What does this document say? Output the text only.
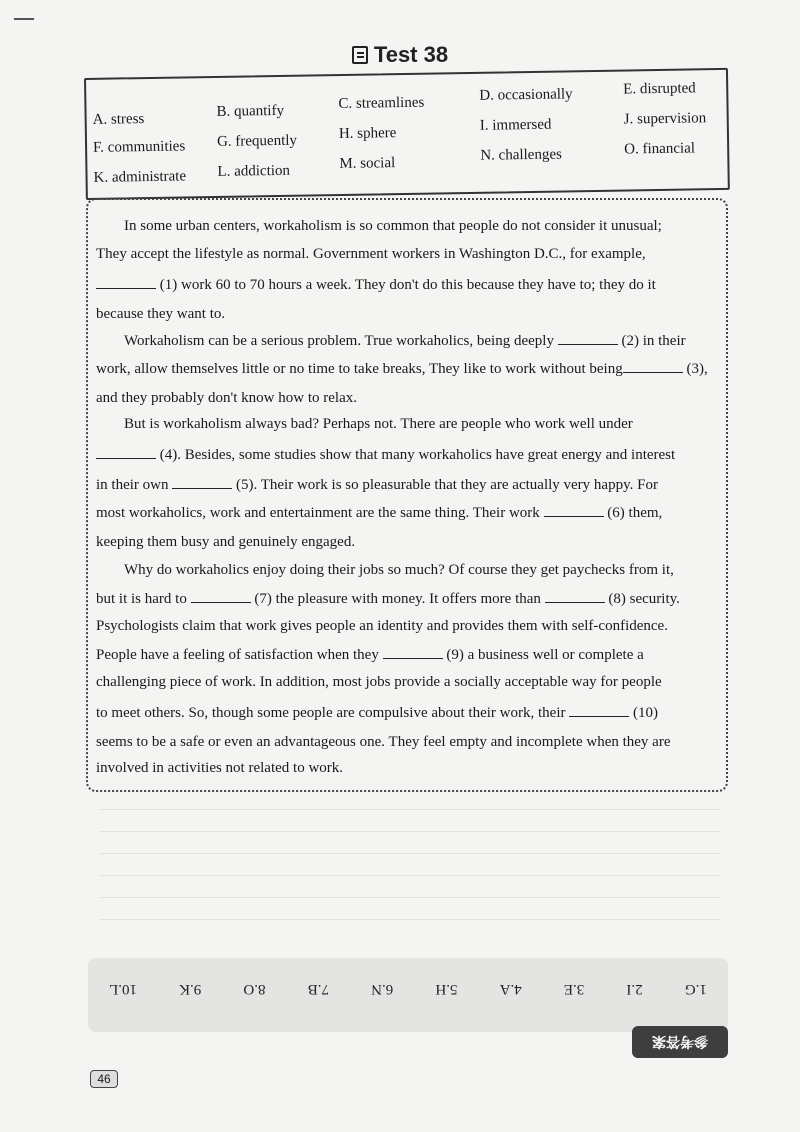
Test 38
A. stress	B. quantify	C. streamlines	D. occasionally	E. disrupted
F. communities G. frequently	H. sphere	I. immersed	J. supervision
K. administrate L. addiction	M. social	N. challenges	O. financial
In some urban centers, workaholism is so common that people do not consider it unusual;
They accept the lifestyle as normal. Government workers in Washington D.C., for example,
(1) work 60 to 70 hours a week. They don't do this because they have to; they do it
because they want to.
Workaholism can be a serious problem. True workaholics, being deeply	(2) in their
work, allow themselves little or no time to take breaks, They like to work without being	(3),
and they probably don't know how to relax.
But is workaholism always bad? Perhaps not. There are people who work well under
(4). Besides, some studies show that many workaholics have great energy and interest
in their own	(5). Their work is so pleasurable that they are actually very happy. For
most workaholics, work and entertainment are the same thing. Their work	(6) them,
keeping them busy and genuinely engaged.
Why do workaholics enjoy doing their jobs so much? Of course they get paychecks from it,
but it is hard to	(7) the pleasure with money. It offers more than	(8) security.
Psychologists claim that work gives people an identity and provides them with self-confidence.
People have a feeling of satisfaction when they	(9) a business well or complete a
challenging piece of work. In addition, most jobs provide a socially acceptable way for people
to meet others. So, though some people are compulsive about their work, their	(10)
seems to be a safe or even an advantageous one. They feel empty and incomplete when they are
involved in activities not related to work.
1.G
2.I
3.E
4.A
5.H
6.N
7.B
8.O
9.K
10.L
参考答案
46
